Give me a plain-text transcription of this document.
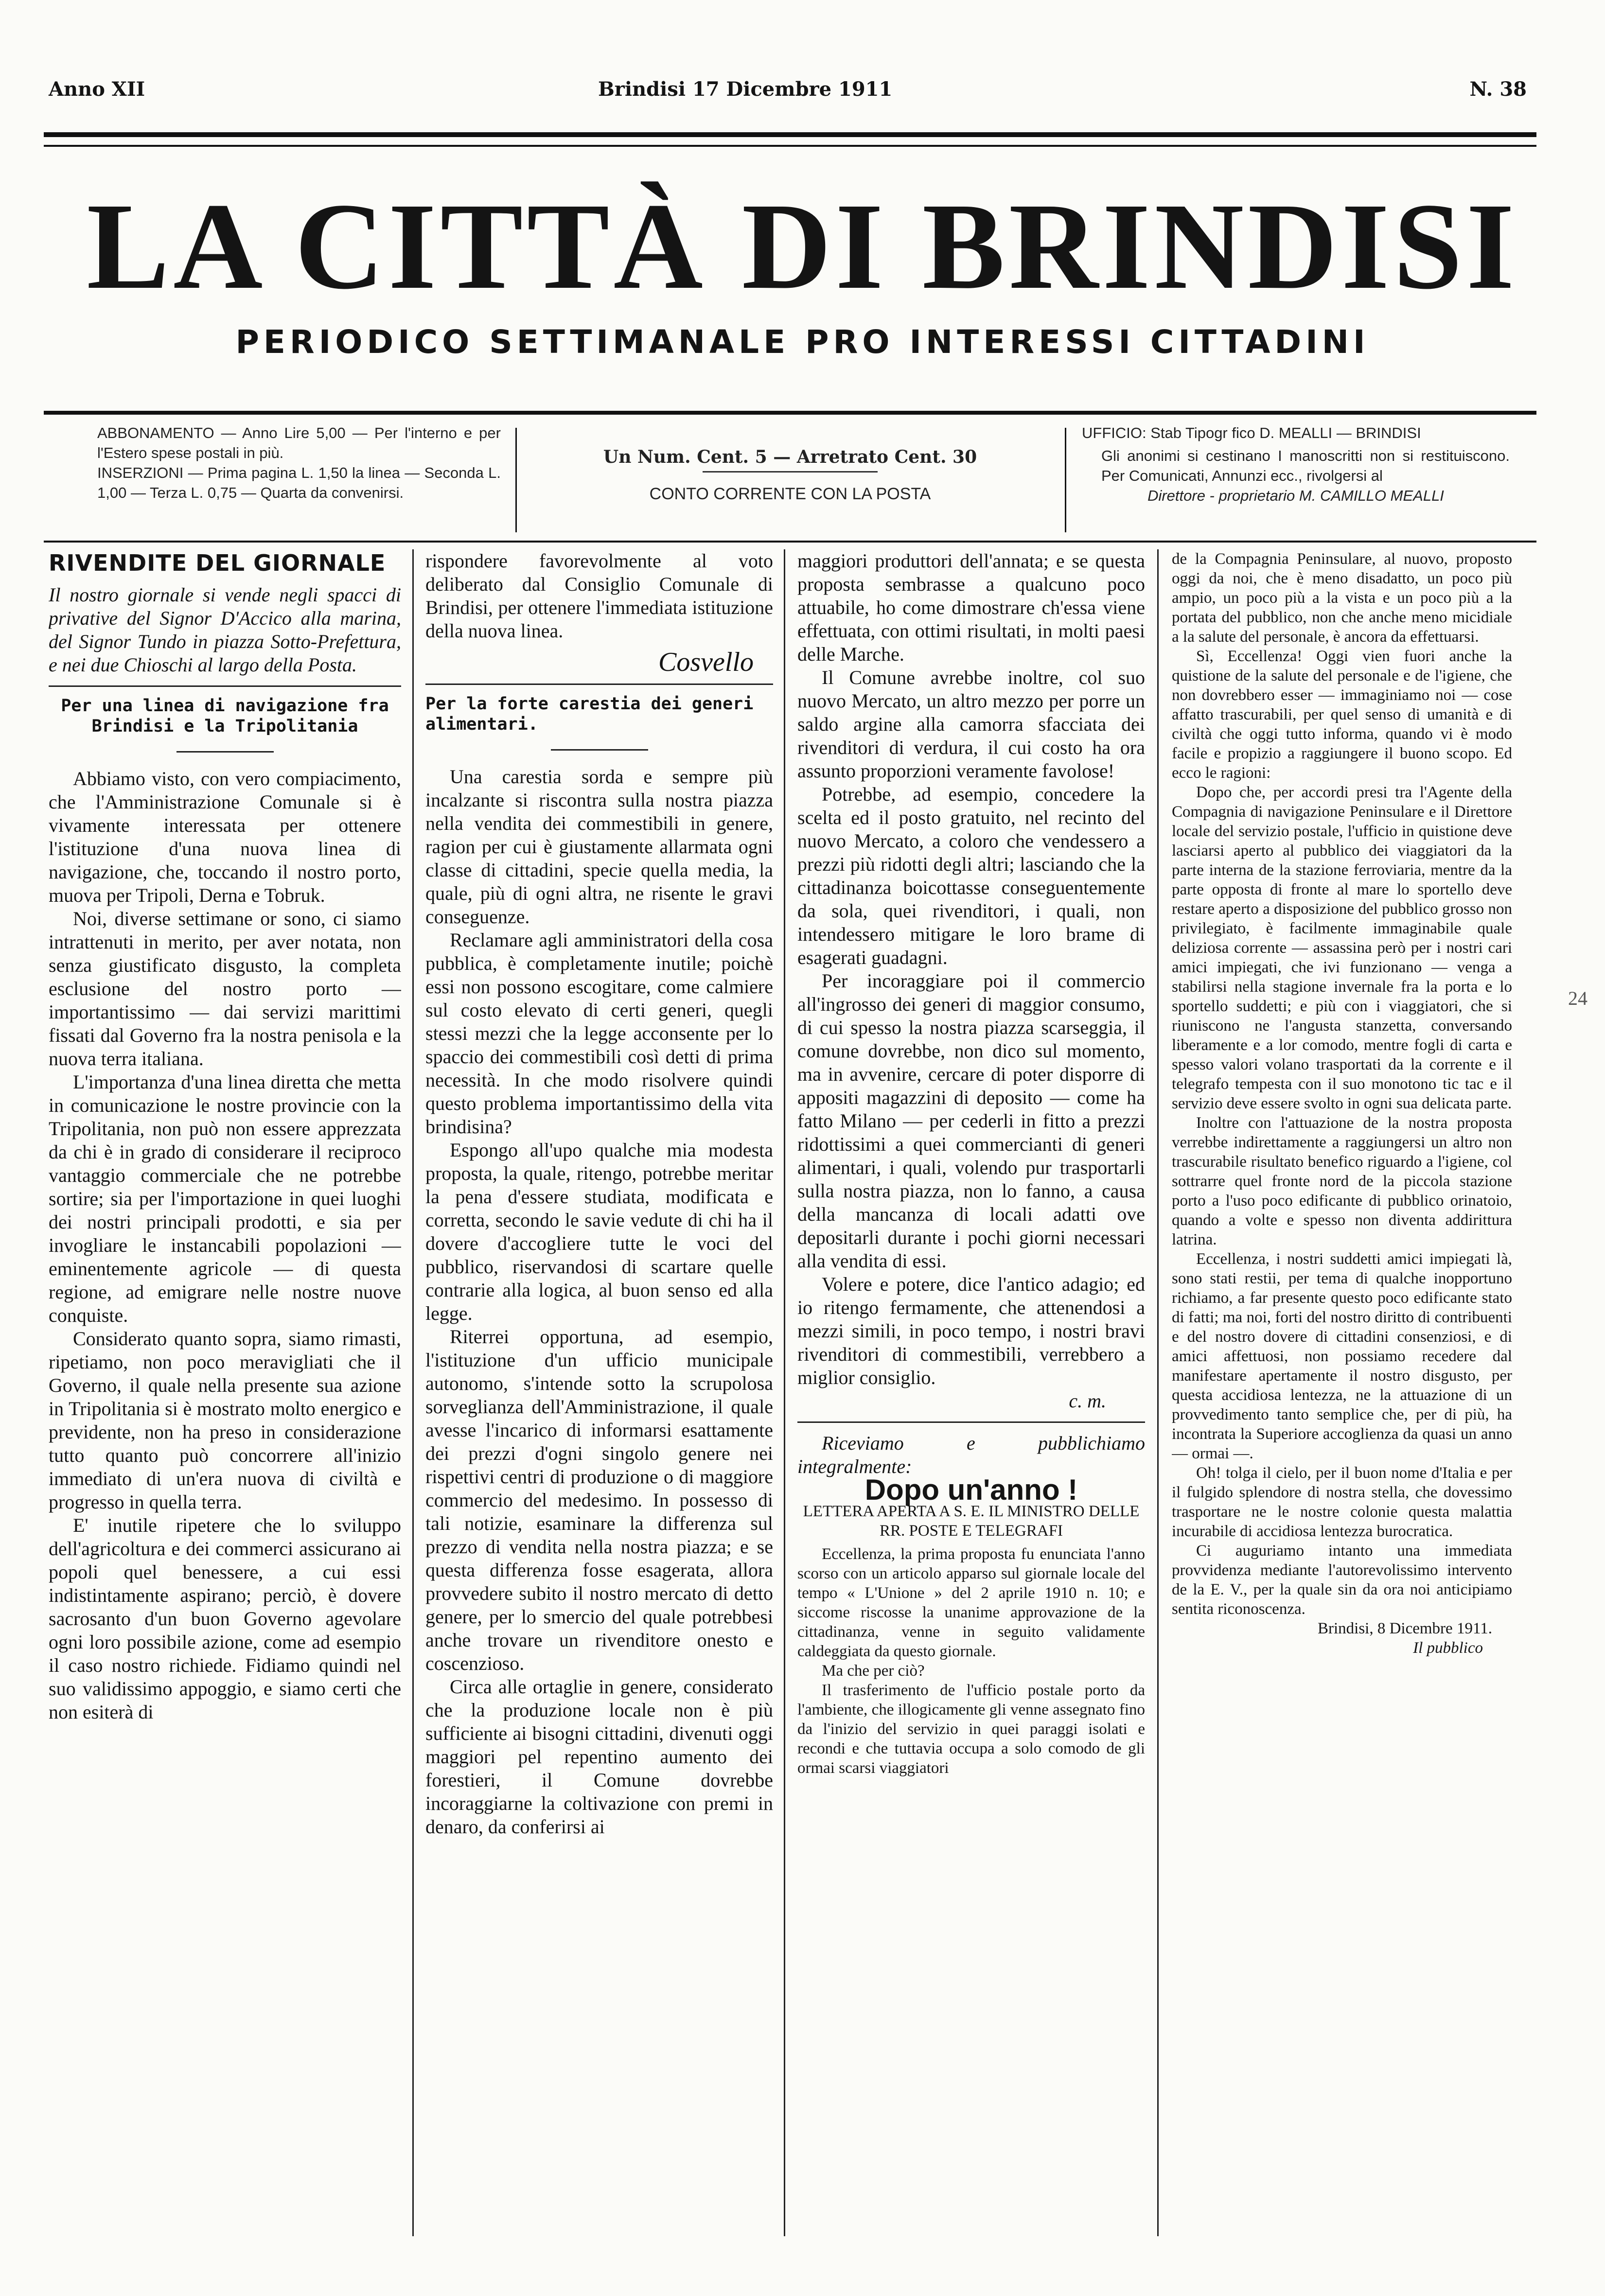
Anno XII	Brindisi 17 Dicembre 1911	N. 38
LA CITTÀ DI BRINDISI
PERIODICO SETTIMANALE PRO INTERESSI CITTADINI

ABBONAMENTO — Anno Lire 5,00 — Per l'interno e per l'Estero spese postali in più.

INSERZIONI — Prima pagina L. 1,50 la linea — Seconda L. 1,00 — Terza L. 0,75 — Quarta da convenirsi.

Un Num. Cent. 5 — Arretrato Cent. 30

CONTO CORRENTE CON LA POSTA

UFFICIO: Stab Tipogr fico D. MEALLI — BRINDISI

Gli anonimi si cestinano I manoscritti non si restituiscono. Per Comunicati, Annunzi ecc., rivolgersi al

Direttore - proprietario M. CAMILLO MEALLI

RIVENDITE DEL GIORNALE

Il nostro giornale si vende negli spacci di privative del Signor D'Accico alla marina, del Signor Tundo in piazza Sotto-Prefettura, e nei due Chioschi al largo della Posta.

Per una linea di navigazione fra Brindisi e la Tripolitania

Abbiamo visto, con vero compiacimento, che l'Amministrazione Comunale si è vivamente interessata per ottenere l'istituzione d'una nuova linea di navigazione, che, toccando il nostro porto, muova per Tripoli, Derna e Tobruk.

Noi, diverse settimane or sono, ci siamo intrattenuti in merito, per aver notata, non senza giustificato disgusto, la completa esclusione del nostro porto — importantissimo — dai servizi marittimi fissati dal Governo fra la nostra penisola e la nuova terra italiana.

L'importanza d'una linea diretta che metta in comunicazione le nostre provincie con la Tripolitania, non può non essere apprezzata da chi è in grado di considerare il reciproco vantaggio commerciale che ne potrebbe sortire; sia per l'importazione in quei luoghi dei nostri principali prodotti, e sia per invogliare le instancabili popolazioni — eminentemente agricole — di questa regione, ad emigrare nelle nostre nuove conquiste.

Considerato quanto sopra, siamo rimasti, ripetiamo, non poco meravigliati che il Governo, il quale nella presente sua azione in Tripolitania si è mostrato molto energico e previdente, non ha preso in considerazione tutto quanto può concorrere all'inizio immediato di un'era nuova di civiltà e progresso in quella terra.

E' inutile ripetere che lo sviluppo dell'agricoltura e dei commerci assicurano ai popoli quel benessere, a cui essi indistintamente aspirano; perciò, è dovere sacrosanto d'un buon Governo agevolare ogni loro possibile azione, come ad esempio il caso nostro richiede. Fidiamo quindi nel suo validissimo appoggio, e siamo certi che non esiterà di

rispondere favorevolmente al voto deliberato dal Consiglio Comunale di Brindisi, per ottenere l'immediata istituzione della nuova linea.

Cosvello

Per la forte carestia dei generi alimentari.

Una carestia sorda e sempre più incalzante si riscontra sulla nostra piazza nella vendita dei commestibili in genere, ragion per cui è giustamente allarmata ogni classe di cittadini, specie quella media, la quale, più di ogni altra, ne risente le gravi conseguenze.

Reclamare agli amministratori della cosa pubblica, è completamente inutile; poichè essi non possono escogitare, come calmiere sul costo elevato di certi generi, quegli stessi mezzi che la legge acconsente per lo spaccio dei commestibili così detti di prima necessità. In che modo risolvere quindi questo problema importantissimo della vita brindisina?

Espongo all'upo qualche mia modesta proposta, la quale, ritengo, potrebbe meritar la pena d'essere studiata, modificata e corretta, secondo le savie vedute di chi ha il dovere d'accogliere tutte le voci del pubblico, riservandosi di scartare quelle contrarie alla logica, al buon senso ed alla legge.

Riterrei opportuna, ad esempio, l'istituzione d'un ufficio municipale autonomo, s'intende sotto la scrupolosa sorveglianza dell'Amministrazione, il quale avesse l'incarico di informarsi esattamente dei prezzi d'ogni singolo genere nei rispettivi centri di produzione o di maggiore commercio del medesimo. In possesso di tali notizie, esaminare la differenza sul prezzo di vendita nella nostra piazza; e se questa differenza fosse esagerata, allora provvedere subito il nostro mercato di detto genere, per lo smercio del quale potrebbesi anche trovare un rivenditore onesto e coscenzioso.

Circa alle ortaglie in genere, considerato che la produzione locale non è più sufficiente ai bisogni cittadini, divenuti oggi maggiori pel repentino aumento dei forestieri, il Comune dovrebbe incoraggiarne la coltivazione con premi in denaro, da conferirsi ai

maggiori produttori dell'annata; e se questa proposta sembrasse a qualcuno poco attuabile, ho come dimostrare ch'essa viene effettuata, con ottimi risultati, in molti paesi delle Marche.

Il Comune avrebbe inoltre, col suo nuovo Mercato, un altro mezzo per porre un saldo argine alla camorra sfacciata dei rivenditori di verdura, il cui costo ha ora assunto proporzioni veramente favolose!

Potrebbe, ad esempio, concedere la scelta ed il posto gratuito, nel recinto del nuovo Mercato, a coloro che vendessero a prezzi più ridotti degli altri; lasciando che la cittadinanza boicottasse conseguentemente da sola, quei rivenditori, i quali, non intendessero mitigare le loro brame di esagerati guadagni.

Per incoraggiare poi il commercio all'ingrosso dei generi di maggior consumo, di cui spesso la nostra piazza scarseggia, il comune dovrebbe, non dico sul momento, ma in avvenire, cercare di poter disporre di appositi magazzini di deposito — come ha fatto Milano — per cederli in fitto a prezzi ridottissimi a quei commercianti di generi alimentari, i quali, volendo pur trasportarli sulla nostra piazza, non lo fanno, a causa della mancanza di locali adatti ove depositarli durante i pochi giorni necessari alla vendita di essi.

Volere e potere, dice l'antico adagio; ed io ritengo fermamente, che attenendosi a mezzi simili, in poco tempo, i nostri bravi rivenditori di commestibili, verrebbero a miglior consiglio.

c. m.

Riceviamo e pubblichiamo integralmente:

Dopo un'anno !

LETTERA APERTA A S. E. IL MINISTRO DELLE RR. POSTE E TELEGRAFI

Eccellenza, la prima proposta fu enunciata l'anno scorso con un articolo apparso sul giornale locale del tempo « L'Unione » del 2 aprile 1910 n. 10; e siccome riscosse la unanime approvazione de la cittadinanza, venne in seguito validamente caldeggiata da questo giornale.

Ma che per ciò?

Il trasferimento de l'ufficio postale porto da l'ambiente, che illogicamente gli venne assegnato fino da l'inizio del servizio in quei paraggi isolati e recondi e che tuttavia occupa a solo comodo de gli ormai scarsi viaggiatori

de la Compagnia Peninsulare, al nuovo, proposto oggi da noi, che è meno disadatto, un poco più ampio, un poco più a la vista e un poco più a la portata del pubblico, non che anche meno micidiale a la salute del personale, è ancora da effettuarsi.

Sì, Eccellenza! Oggi vien fuori anche la quistione de la salute del personale e de l'igiene, che non dovrebbero esser — immaginiamo noi — cose affatto trascurabili, per quel senso di umanità e di civiltà che oggi tutto informa, quando vi è modo facile e propizio a raggiungere il buono scopo. Ed ecco le ragioni:

Dopo che, per accordi presi tra l'Agente della Compagnia di navigazione Peninsulare e il Direttore locale del servizio postale, l'ufficio in quistione deve lasciarsi aperto al pubblico dei viaggiatori da la parte interna de la stazione ferroviaria, mentre da la parte opposta di fronte al mare lo sportello deve restare aperto a disposizione del pubblico grosso non privilegiato, è facilmente immaginabile quale deliziosa corrente — assassina però per i nostri cari amici impiegati, che ivi funzionano — venga a stabilirsi nella stagione invernale fra la porta e lo sportello suddetti; e più con i viaggiatori, che si riuniscono ne l'angusta stanzetta, conversando liberamente e a lor comodo, mentre fogli di carta e spesso valori volano trasportati da la corrente e il telegrafo tempesta con il suo monotono tic tac e il servizio deve essere svolto in ogni sua delicata parte.

Inoltre con l'attuazione de la nostra proposta verrebbe indirettamente a raggiungersi un altro non trascurabile risultato benefico riguardo a l'igiene, col sottrarre quel fronte nord de la piccola stazione porto a l'uso poco edificante di pubblico orinatoio, quando a volte e spesso non diventa addirittura latrina.

Eccellenza, i nostri suddetti amici impiegati là, sono stati restii, per tema di qualche inopportuno richiamo, a far presente questo poco edificante stato di fatti; ma noi, forti del nostro diritto di contribuenti e del nostro dovere di cittadini consenziosi, e di amici affettuosi, non possiamo recedere dal manifestare apertamente il nostro disgusto, per questa accidiosa lentezza, ne la attuazione di un provvedimento tanto semplice che, per di più, ha incontrata la Superiore accoglienza da quasi un anno — ormai —.

Oh! tolga il cielo, per il buon nome d'Italia e per il fulgido splendore di nostra stella, che dovessimo trasportare ne le nostre colonie questa malattia incurabile di accidiosa lentezza burocratica.

Ci auguriamo intanto una immediata provvidenza mediante l'autorevolissimo intervento de la E. V., per la quale sin da ora noi anticipiamo sentita riconoscenza.

Brindisi, 8 Dicembre 1911.

Il pubblico

24
